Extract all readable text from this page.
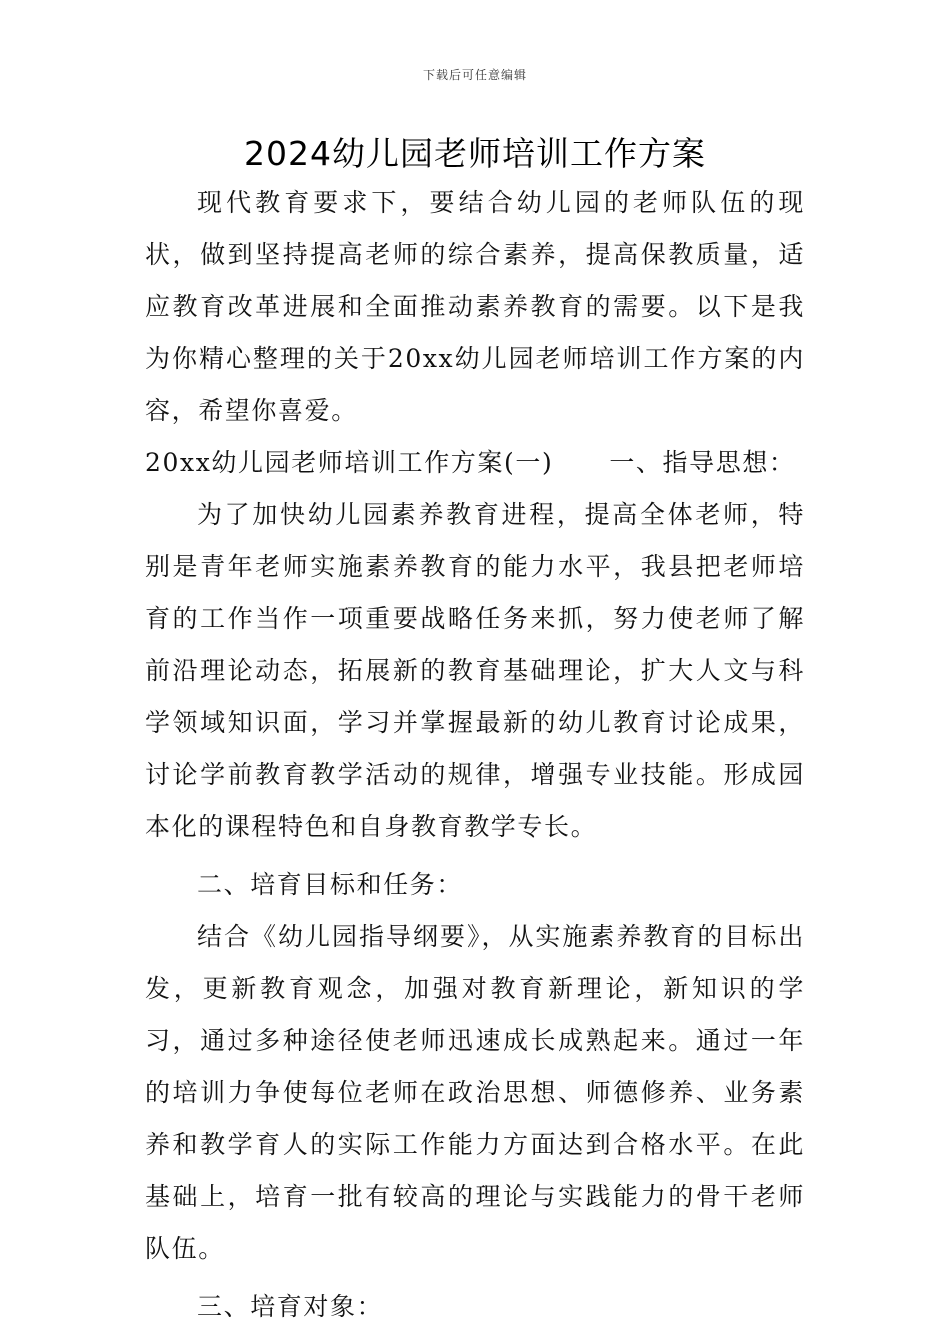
下载后可任意编辑
2024幼儿园老师培训工作方案

现代教育要求下，要结合幼儿园的老师队伍的现状，做到坚持提高老师的综合素养，提高保教质量，适应教育改革进展和全面推动素养教育的需要。以下是我为你精心整理的关于20xx幼儿园老师培训工作方案的内容，希望你喜爱。

20xx幼儿园老师培训工作方案(一) 一、指导思想：

为了加快幼儿园素养教育进程，提高全体老师，特别是青年老师实施素养教育的能力水平，我县把老师培育的工作当作一项重要战略任务来抓，努力使老师了解前沿理论动态，拓展新的教育基础理论，扩大人文与科学领域知识面，学习并掌握最新的幼儿教育讨论成果，讨论学前教育教学活动的规律，增强专业技能。形成园本化的课程特色和自身教育教学专长。

二、培育目标和任务：

结合《幼儿园指导纲要》，从实施素养教育的目标出发，更新教育观念，加强对教育新理论，新知识的学习，通过多种途径使老师迅速成长成熟起来。通过一年的培训力争使每位老师在政治思想、师德修养、业务素养和教学育人的实际工作能力方面达到合格水平。在此基础上，培育一批有较高的理论与实践能力的骨干老师队伍。

三、培育对象：
